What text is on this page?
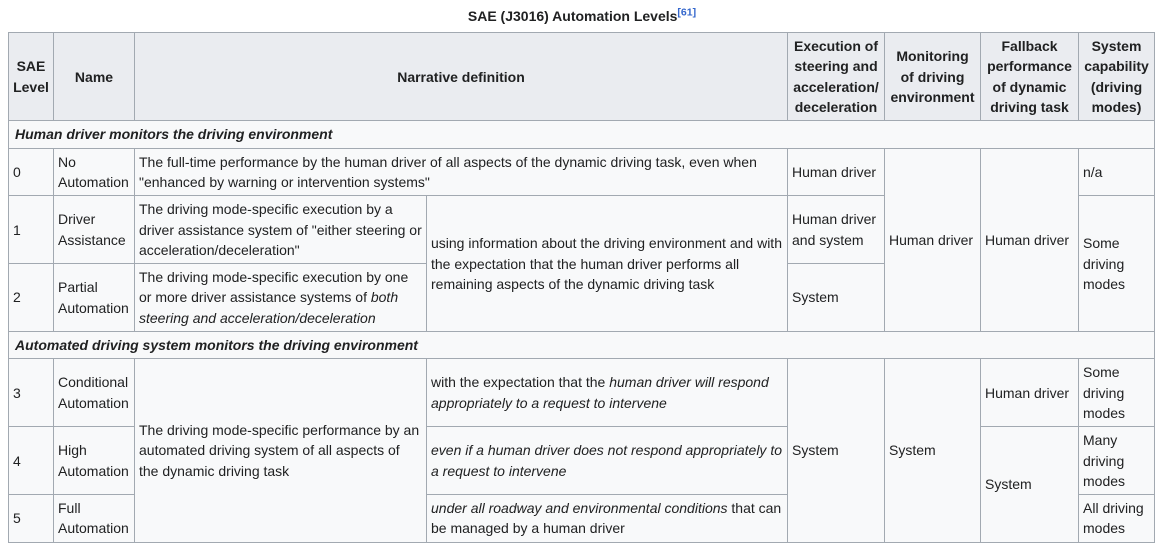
SAE (J3016) Automation Levels[61]
SAE Level	Name	Narrative definition		Execution of steering and acceleration/deceleration	Monitoring of driving environment	Fallback performance of dynamic driving task	System capability (driving modes)
Human driver monitors the driving environment							
0	No Automation	The full-time performance by the human driver of all aspects of the dynamic driving task, even when "enhanced by warning or intervention systems"		Human driver	Human driver	Human driver	n/a
1	Driver Assistance	The driving mode-specific execution by a driver assistance system of "either steering or acceleration/deceleration"	using information about the driving environment and with the expectation that the human driver performs all remaining aspects of the dynamic driving task	Human driver and system			Some driving modes
2	Partial Automation	The driving mode-specific execution by one or more driver assistance systems of both steering and acceleration/deceleration		System			
Automated driving system monitors the driving environment							
3	Conditional Automation	The driving mode-specific performance by an automated driving system of all aspects of the dynamic driving task	with the expectation that the human driver will respond appropriately to a request to intervene	System	System	Human driver	Some driving modes
4	High Automation		even if a human driver does not respond appropriately to a request to intervene			System	Many driving modes
5	Full Automation		under all roadway and environmental conditions that can be managed by a human driver				All driving modes
